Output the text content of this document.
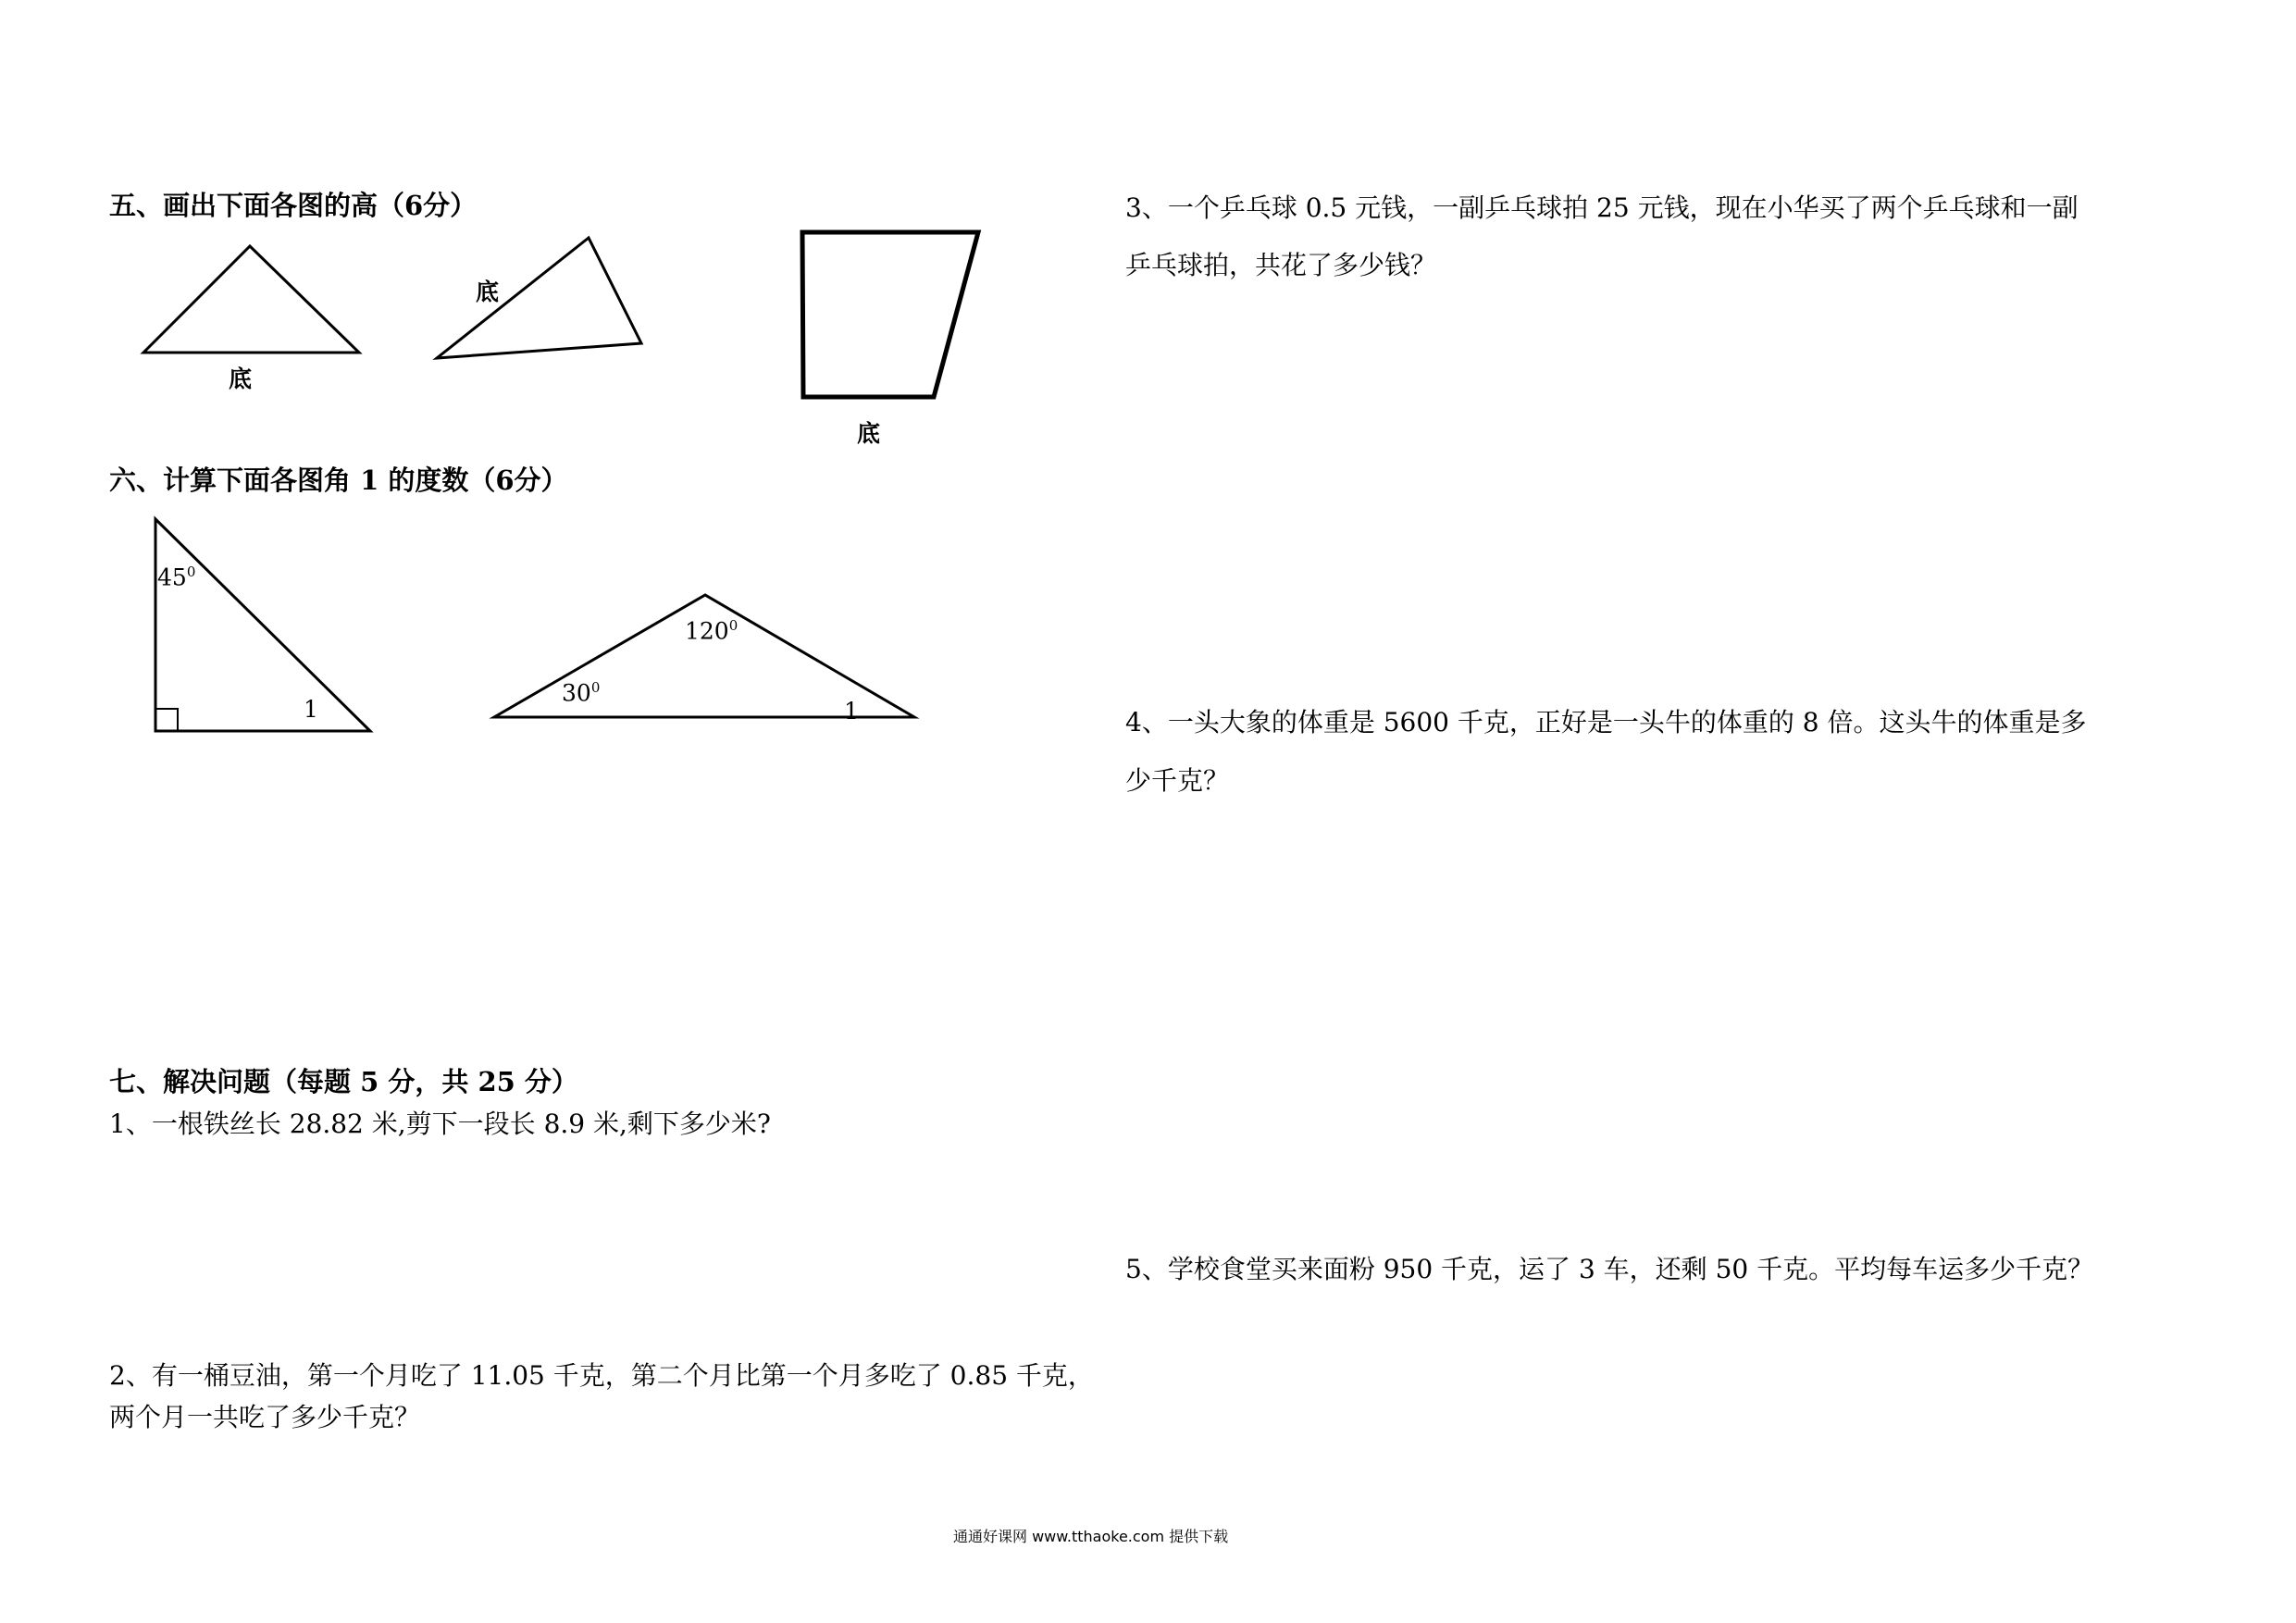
五、画出下面各图的高（6分）
底
底
底
六、计算下面各图角 1 的度数（6分）
$45^0$
1
$120^0$
$30^0$
1
七、解决问题（每题 5 分，共 25 分）
1、一根铁丝长 28.82 米,剪下一段长 8.9 米,剩下多少米?
2、有一桶豆油，第一个月吃了 11.05 千克，第二个月比第一个月多吃了 0.85 千克，
两个月一共吃了多少千克？
3、一个乒乓球 0.5 元钱，一副乒乓球拍 25 元钱，现在小华买了两个乒乓球和一副
乒乓球拍，共花了多少钱？
4、一头大象的体重是 5600 千克，正好是一头牛的体重的 8 倍。这头牛的体重是多
少千克？
5、学校食堂买来面粉 950 千克，运了 3 车，还剩 50 千克。平均每车运多少千克？
通通好课网 www.tthaoke.com 提供下载
